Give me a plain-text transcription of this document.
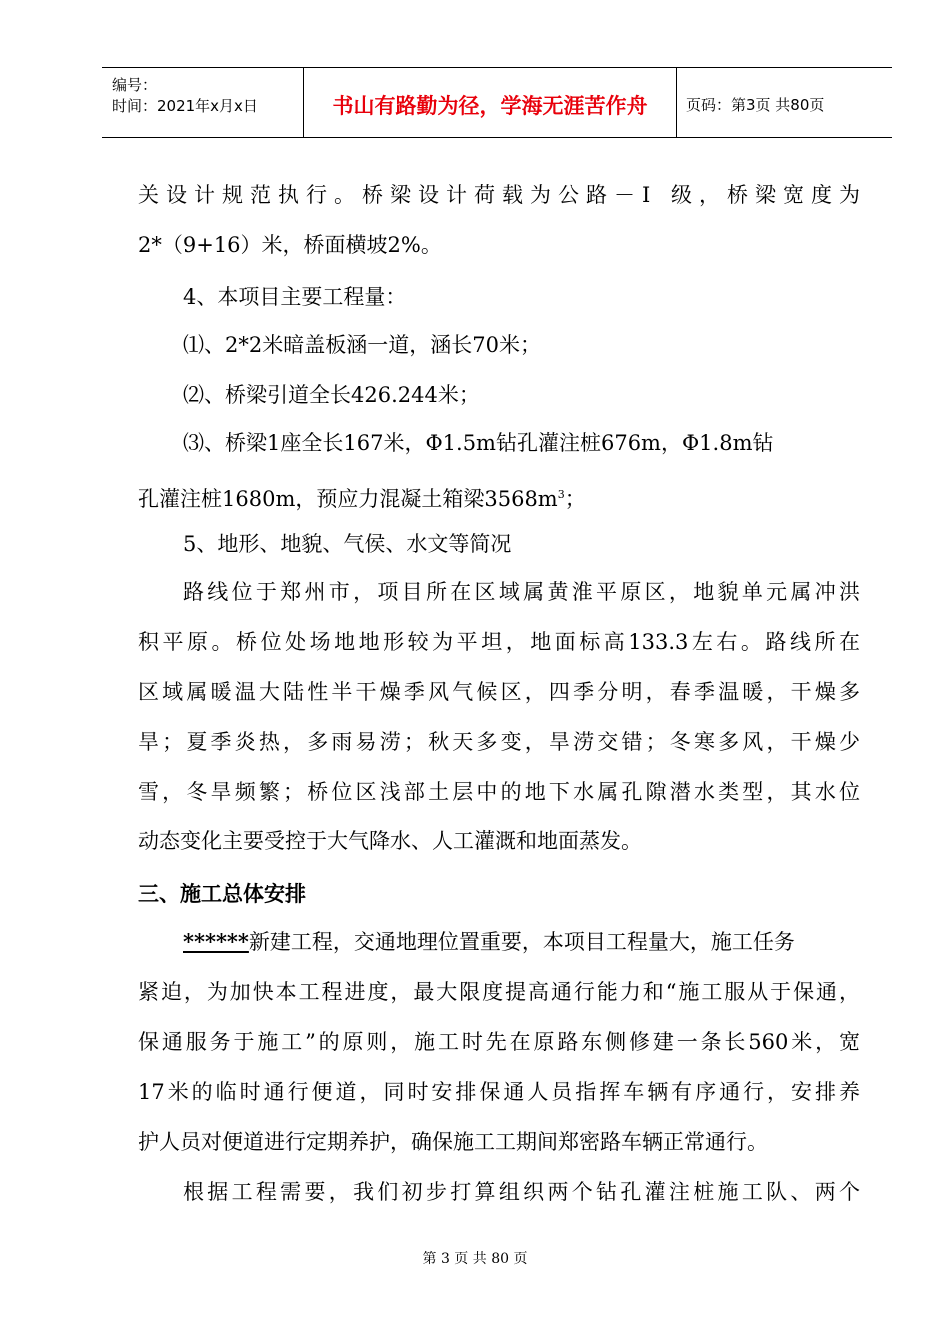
编号：
时间：2021年x月x日	书山有路勤为径，学海无涯苦作舟	页码：第3页 共80页
关设计规范执行。桥梁设计荷载为公路－Ⅰ 级，桥梁宽度为
2*（9+16）米，桥面横坡2%。
4、本项目主要工程量：
⑴、2*2米暗盖板涵一道，涵长70米；
⑵、桥梁引道全长426.244米；
⑶、桥梁1座全长167米，Φ1.5m钻孔灌注桩676m，Φ1.8m钻
孔灌注桩1680m，预应力混凝土箱梁$3568m^3$；
5、地形、地貌、气侯、水文等简况
路线位于郑州市，项目所在区域属黄淮平原区，地貌单元属冲洪
积平原。桥位处场地地形较为平坦，地面标高133.3左右。路线所在
区域属暖温大陆性半干燥季风气候区，四季分明，春季温暖，干燥多
旱；夏季炎热，多雨易涝；秋天多变，旱涝交错；冬寒多风，干燥少
雪，冬旱频繁；桥位区浅部土层中的地下水属孔隙潜水类型，其水位
动态变化主要受控于大气降水、人工灌溉和地面蒸发。
三、施工总体安排
******新建工程，交通地理位置重要，本项目工程量大，施工任务
紧迫，为加快本工程进度，最大限度提高通行能力和“施工服从于保通，
保通服务于施工”的原则，施工时先在原路东侧修建一条长560米，宽
17米的临时通行便道，同时安排保通人员指挥车辆有序通行，安排养
护人员对便道进行定期养护，确保施工工期间郑密路车辆正常通行。
根据工程需要，我们初步打算组织两个钻孔灌注桩施工队、两个
第 3 页 共 80 页
